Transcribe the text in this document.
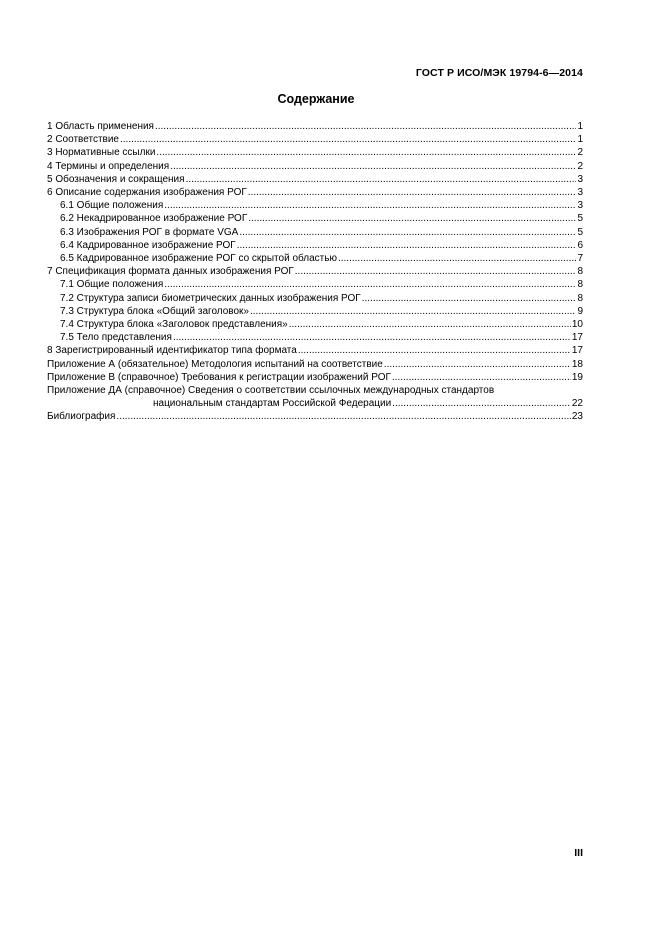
ГОСТ Р ИСО/МЭК 19794-6—2014
Содержание
1 Область применения .....	1
2 Соответствие .....	1
3 Нормативные ссылки .....	2
4 Термины и определения .....	2
5 Обозначения и сокращения .....	3
6 Описание содержания изображения РОГ .....	3
6.1 Общие положения .....	3
6.2 Некадрированное изображение РОГ .....	5
6.3 Изображения РОГ в формате VGA .....	5
6.4 Кадрированное изображение РОГ .....	6
6.5 Кадрированное изображение РОГ со скрытой областью .....	7
7 Спецификация формата данных изображения РОГ .....	8
7.1 Общие положения .....	8
7.2 Структура записи биометрических данных изображения РОГ .....	8
7.3 Структура блока «Общий заголовок» .....	9
7.4 Структура блока «Заголовок представления» .....	10
7.5 Тело представления .....	17
8 Зарегистрированный идентификатор типа формата .....	17
Приложение А (обязательное) Методология испытаний на соответствие .....	18
Приложение В (справочное) Требования к регистрации изображений РОГ .....	19
Приложение ДА (справочное) Сведения о соответствии ссылочных международных стандартов
национальным стандартам Российской Федерации .....	22
Библиография .....	23
III
